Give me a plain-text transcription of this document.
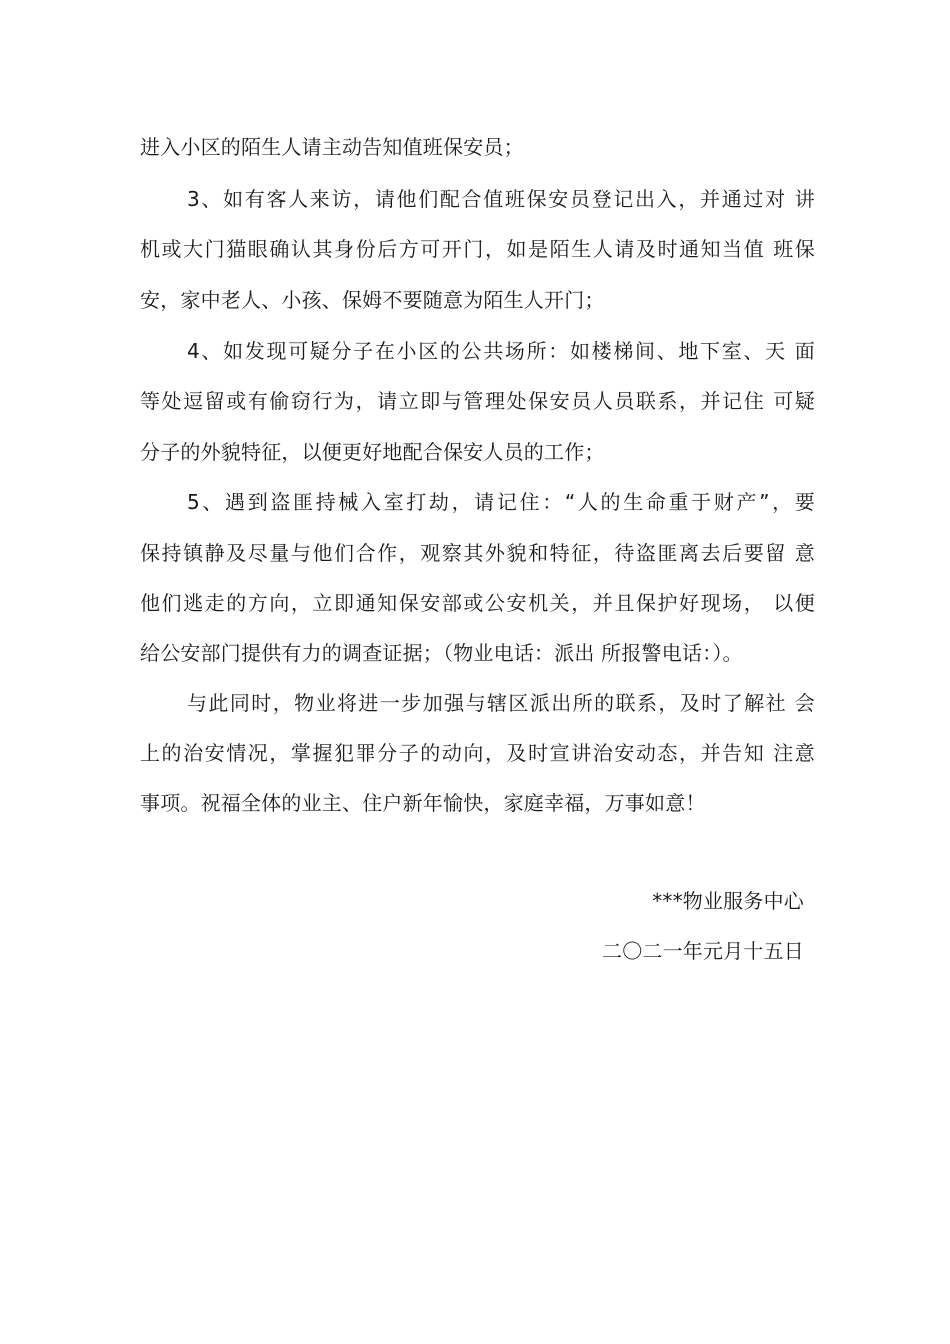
进入小区的陌生人请主动告知值班保安员；
3、如有客人来访，请他们配合值班保安员登记出入，并通过对 讲
机或大门猫眼确认其身份后方可开门，如是陌生人请及时通知当值 班保
安，家中老人、小孩、保姆不要随意为陌生人开门；
4、如发现可疑分子在小区的公共场所：如楼梯间、地下室、天 面
等处逗留或有偷窃行为，请立即与管理处保安员人员联系，并记住 可疑
分子的外貌特征，以便更好地配合保安人员的工作；
5、遇到盗匪持械入室打劫，请记住：“人的生命重于财产”，要
保持镇静及尽量与他们合作，观察其外貌和特征，待盗匪离去后要留 意
他们逃走的方向，立即通知保安部或公安机关，并且保护好现场， 以便
给公安部门提供有力的调查证据；（物业电话：派出 所报警电话：）。
与此同时，物业将进一步加强与辖区派出所的联系，及时了解社 会
上的治安情况，掌握犯罪分子的动向，及时宣讲治安动态，并告知 注意
事项。祝福全体的业主、住户新年愉快，家庭幸福，万事如意！
***物业服务中心
二〇二一年元月十五日
